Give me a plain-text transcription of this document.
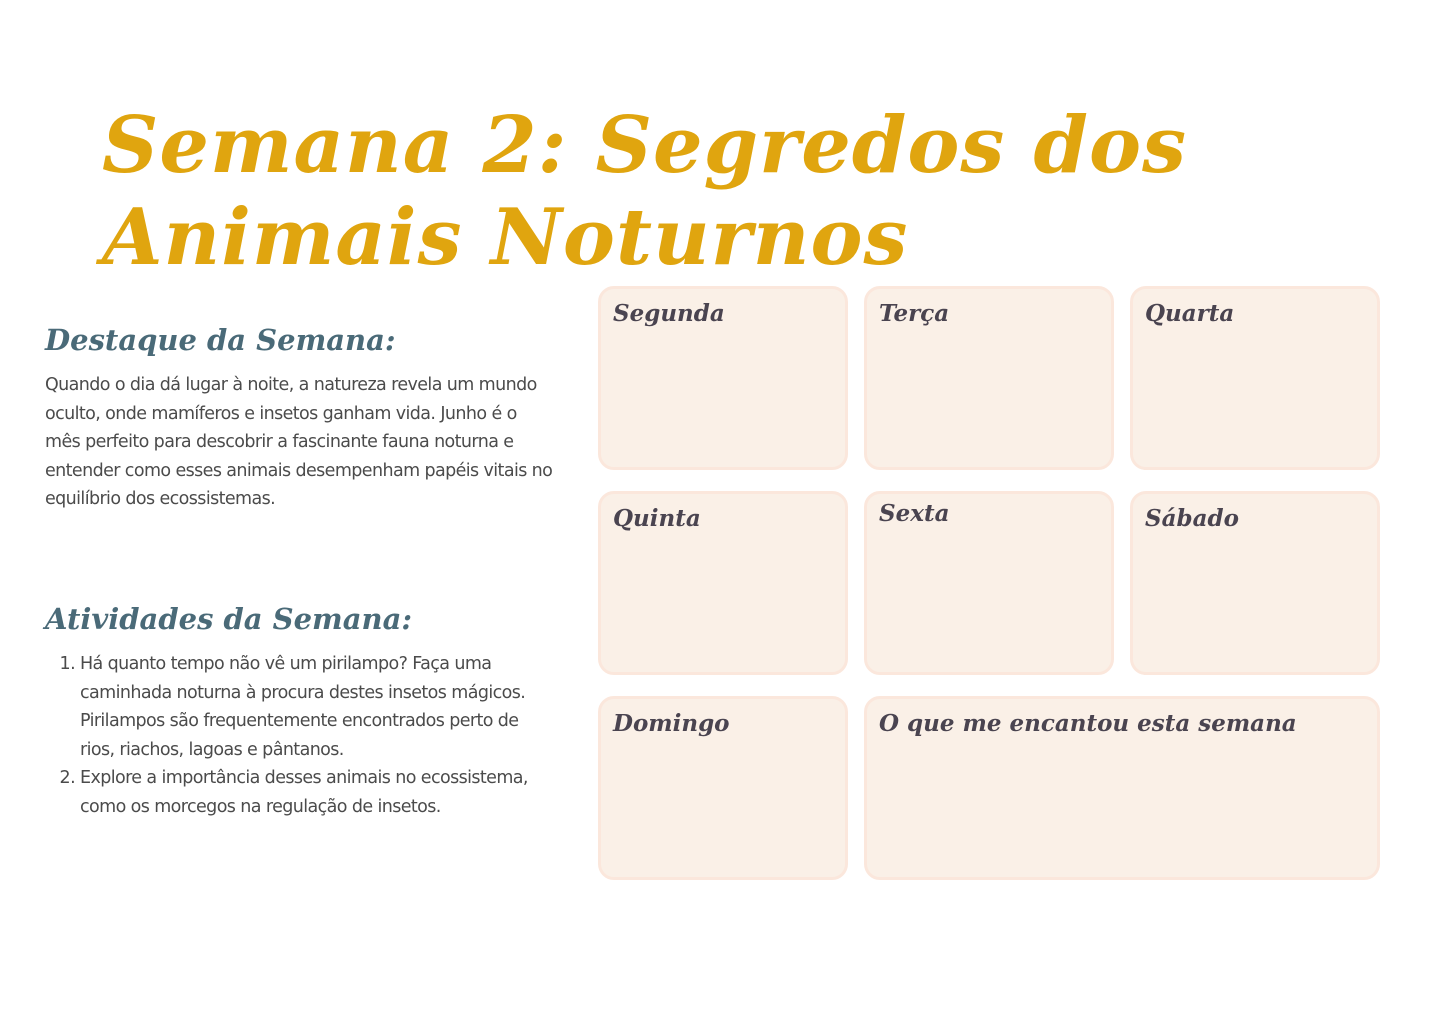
Semana 2: Segredos dos Animais Noturnos
Destaque da Semana:

Quando o dia dá lugar à noite, a natureza revela um mundo oculto, onde mamíferos e insetos ganham vida. Junho é o mês perfeito para descobrir a fascinante fauna noturna e entender como esses animais desempenham papéis vitais no equilíbrio dos ecossistemas.

Atividades da Semana:
1. Há quanto tempo não vê um pirilampo? Faça uma caminhada noturna à procura destes insetos mágicos. Pirilampos são frequentemente encontrados perto de rios, riachos, lagoas e pântanos.
2. Explore a importância desses animais no ecossistema, como os morcegos na regulação de insetos.
Segunda	Terça	Quarta
Quinta	Sexta	Sábado
Domingo	O que me encantou esta semana
